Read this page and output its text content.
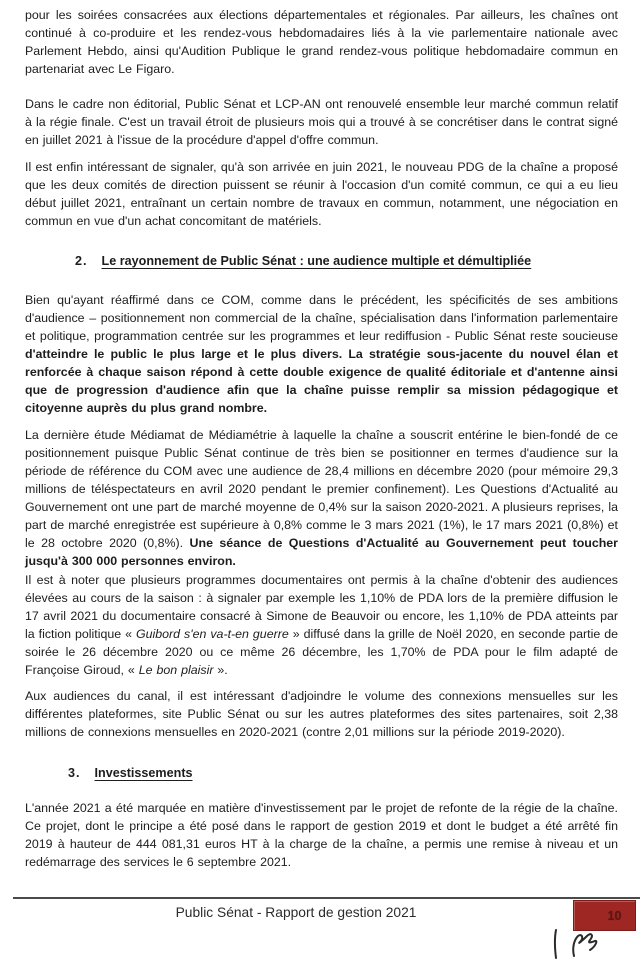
pour les soirées consacrées aux élections départementales et régionales. Par ailleurs, les chaînes ont continué à co-produire et les rendez-vous hebdomadaires liés à la vie parlementaire nationale avec Parlement Hebdo, ainsi qu'Audition Publique le grand rendez-vous politique hebdomadaire commun en partenariat avec Le Figaro.

Dans le cadre non éditorial, Public Sénat et LCP-AN ont renouvelé ensemble leur marché commun relatif à la régie finale. C'est un travail étroit de plusieurs mois qui a trouvé à se concrétiser dans le contrat signé en juillet 2021 à l'issue de la procédure d'appel d'offre commun.

Il est enfin intéressant de signaler, qu'à son arrivée en juin 2021, le nouveau PDG de la chaîne a proposé que les deux comités de direction puissent se réunir à l'occasion d'un comité commun, ce qui a eu lieu début juillet 2021, entraînant un certain nombre de travaux en commun, notamment, une négociation en commun en vue d'un achat concomitant de matériels.

2. Le rayonnement de Public Sénat : une audience multiple et démultipliée

Bien qu'ayant réaffirmé dans ce COM, comme dans le précédent, les spécificités de ses ambitions d'audience – positionnement non commercial de la chaîne, spécialisation dans l'information parlementaire et politique, programmation centrée sur les programmes et leur rediffusion - Public Sénat reste soucieuse d'atteindre le public le plus large et le plus divers. La stratégie sous-jacente du nouvel élan et renforcée à chaque saison répond à cette double exigence de qualité éditoriale et d'antenne ainsi que de progression d'audience afin que la chaîne puisse remplir sa mission pédagogique et citoyenne auprès du plus grand nombre.

La dernière étude Médiamat de Médiamétrie à laquelle la chaîne a souscrit entérine le bien-fondé de ce positionnement puisque Public Sénat continue de très bien se positionner en termes d'audience sur la période de référence du COM avec une audience de 28,4 millions en décembre 2020 (pour mémoire 29,3 millions de téléspectateurs en avril 2020 pendant le premier confinement). Les Questions d'Actualité au Gouvernement ont une part de marché moyenne de 0,4% sur la saison 2020-2021. A plusieurs reprises, la part de marché enregistrée est supérieure à 0,8% comme le 3 mars 2021 (1%), le 17 mars 2021 (0,8%) et le 28 octobre 2020 (0,8%). Une séance de Questions d'Actualité au Gouvernement peut toucher jusqu'à 300 000 personnes environ.

Il est à noter que plusieurs programmes documentaires ont permis à la chaîne d'obtenir des audiences élevées au cours de la saison : à signaler par exemple les 1,10% de PDA lors de la première diffusion le 17 avril 2021 du documentaire consacré à Simone de Beauvoir ou encore, les 1,10% de PDA atteints par la fiction politique « Guibord s'en va-t-en guerre » diffusé dans la grille de Noël 2020, en seconde partie de soirée le 26 décembre 2020 ou ce même 26 décembre, les 1,70% de PDA pour le film adapté de Françoise Giroud, « Le bon plaisir ».

Aux audiences du canal, il est intéressant d'adjoindre le volume des connexions mensuelles sur les différentes plateformes, site Public Sénat ou sur les autres plateformes des sites partenaires, soit 2,38 millions de connexions mensuelles en 2020-2021 (contre 2,01 millions sur la période 2019-2020).

3. Investissements

L'année 2021 a été marquée en matière d'investissement par le projet de refonte de la régie de la chaîne. Ce projet, dont le principe a été posé dans le rapport de gestion 2019 et dont le budget a été arrêté fin 2019 à hauteur de 444 081,31 euros HT à la charge de la chaîne, a permis une remise à niveau et un redémarrage des services le 6 septembre 2021.

Public Sénat - Rapport de gestion 2021	10
